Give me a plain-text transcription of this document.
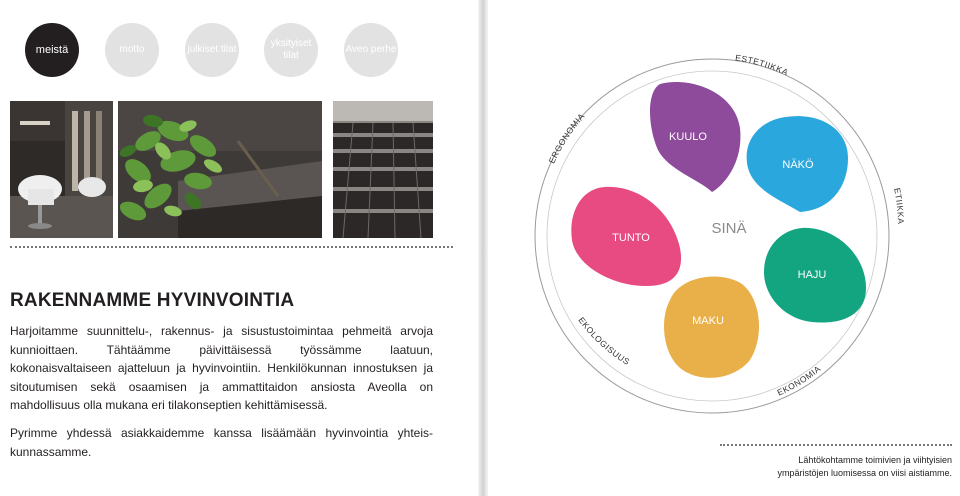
meistä	motto	julkiset tilat
yksityiset tilat
Aveo perhe
RAKENNAMME HYVINVOINTIA

Harjoitamme suunnittelu-, rakennus- ja sisustustoimintaa pehmeitä arvoja kunnioittaen. Tähtäämme päivittäisessä työssämme laatuun, kokonaisvaltaiseen ajatteluun ja hyvinvointiin. Henkilökunnan innostuksen ja sitoutumisen sekä osaamisen ja ammattitaidon ansiosta Aveolla on mahdollisuus olla mukana eri tilakonseptien kehittämisessä.

Pyrimme yhdessä asiakkaidemme kanssa lisäämään hyvinvointia yhteis-kunnassamme.

ESTETIIKKA
ERGONOMIA
ETIIKKA
EKONOMIA
EKOLOGISUUS
KUULO
NÄKÖ
TUNTO
HAJU
MAKU
SINÄ
Lähtökohtamme toimivien ja viihtyisien ympäristöjen luomisessa on viisi aistiamme.
